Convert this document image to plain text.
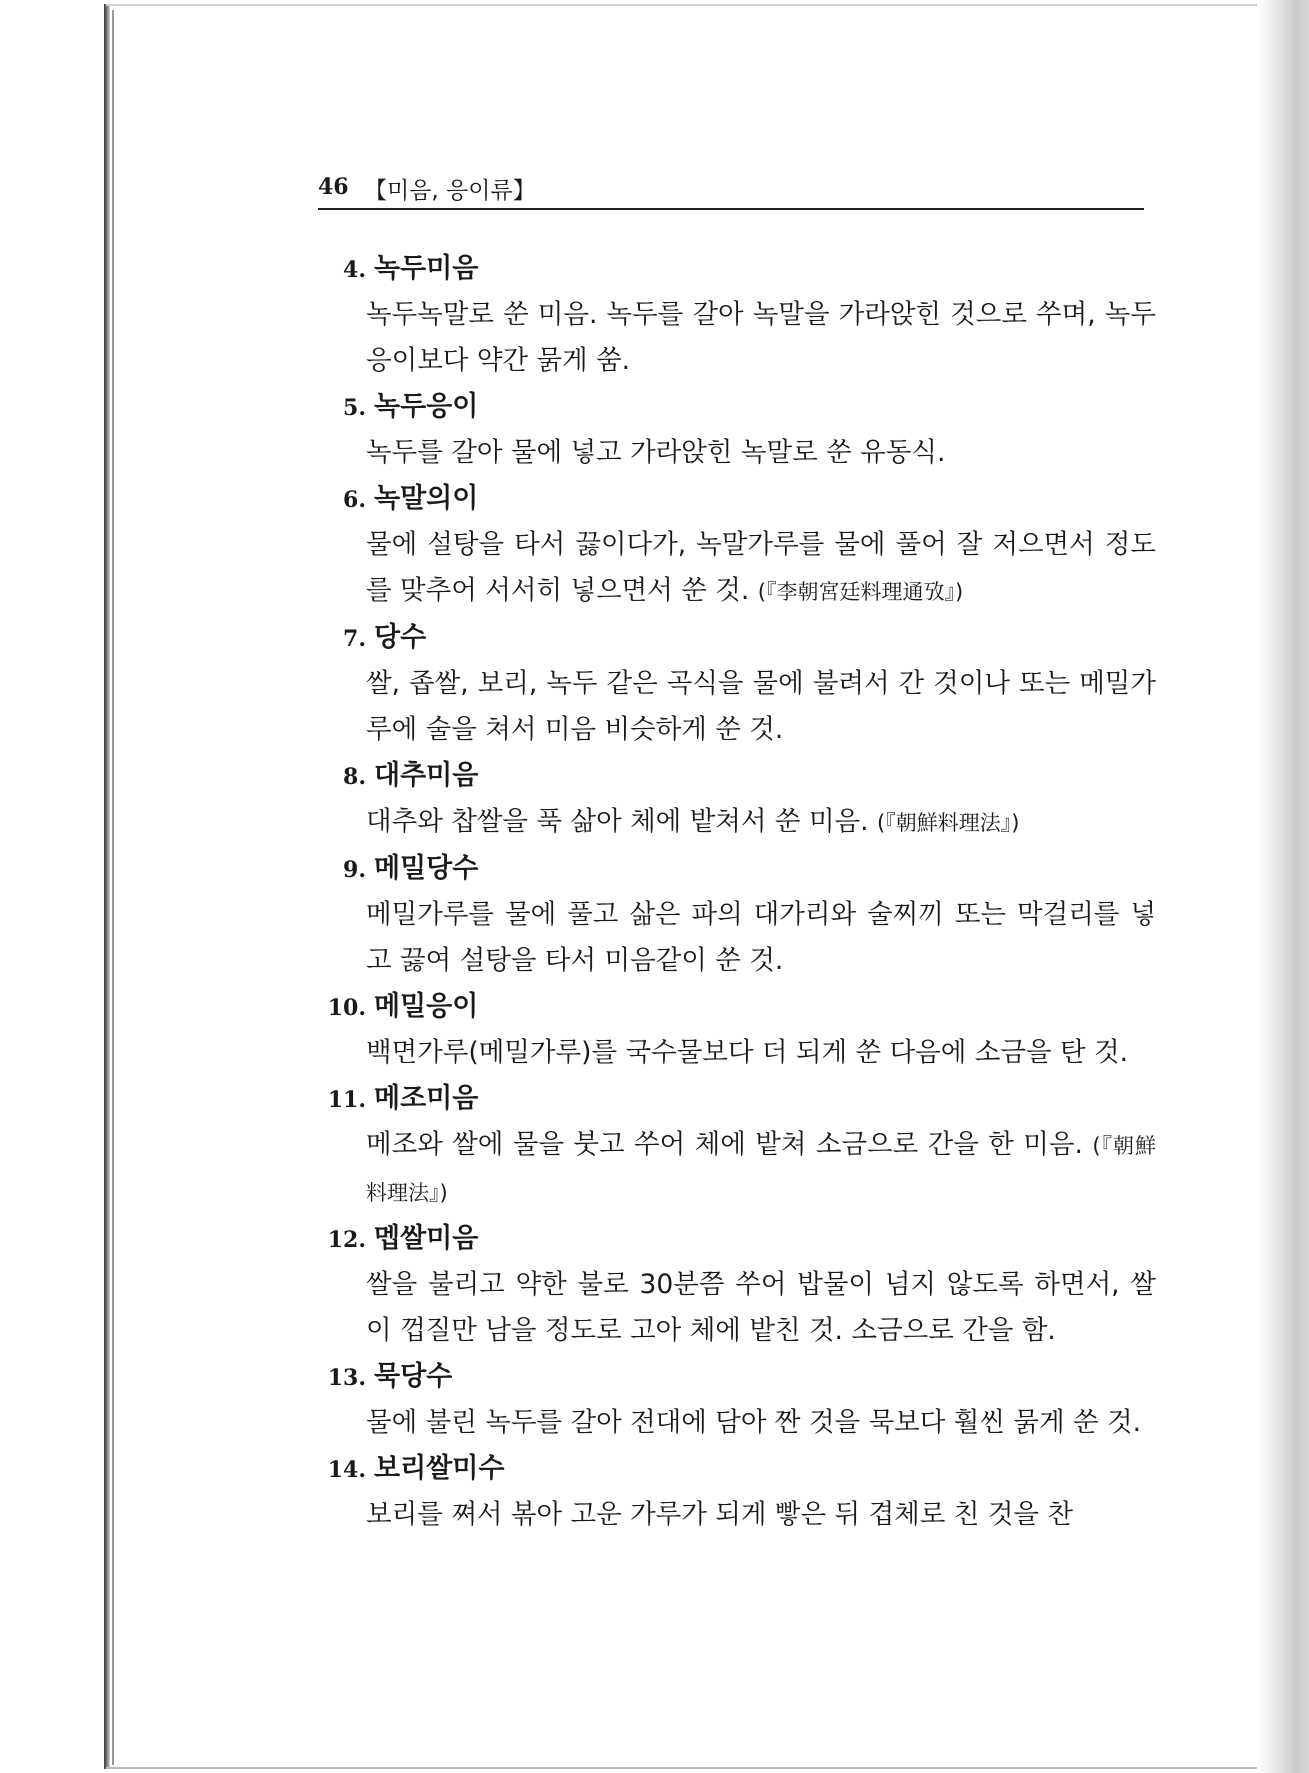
46 【미음, 응이류】
4. 녹두미음
녹두녹말로 쑨 미음. 녹두를 갈아 녹말을 가라앉힌 것으로 쑤며, 녹두응이보다 약간 묽게 쑴.
5. 녹두응이
녹두를 갈아 물에 넣고 가라앉힌 녹말로 쑨 유동식.
6. 녹말의이
물에 설탕을 타서 끓이다가, 녹말가루를 물에 풀어 잘 저으면서 정도를 맞추어 서서히 넣으면서 쑨 것. (『李朝宮廷料理通攷』)
7. 당수
쌀, 좁쌀, 보리, 녹두 같은 곡식을 물에 불려서 간 것이나 또는 메밀가루에 술을 쳐서 미음 비슷하게 쑨 것.
8. 대추미음
대추와 찹쌀을 푹 삶아 체에 밭쳐서 쑨 미음. (『朝鮮料理法』)
9. 메밀당수
메밀가루를 물에 풀고 삶은 파의 대가리와 술찌끼 또는 막걸리를 넣고 끓여 설탕을 타서 미음같이 쑨 것.
10. 메밀응이
백면가루(메밀가루)를 국수물보다 더 되게 쑨 다음에 소금을 탄 것.
11. 메조미음
메조와 쌀에 물을 붓고 쑤어 체에 밭쳐 소금으로 간을 한 미음. (『朝鮮料理法』)
12. 멥쌀미음
쌀을 불리고 약한 불로 30분쯤 쑤어 밥물이 넘지 않도록 하면서, 쌀이 껍질만 남을 정도로 고아 체에 밭친 것. 소금으로 간을 함.
13. 묵당수
물에 불린 녹두를 갈아 전대에 담아 짠 것을 묵보다 훨씬 묽게 쑨 것.
14. 보리쌀미수
보리를 쪄서 볶아 고운 가루가 되게 빻은 뒤 겹체로 친 것을 찬
